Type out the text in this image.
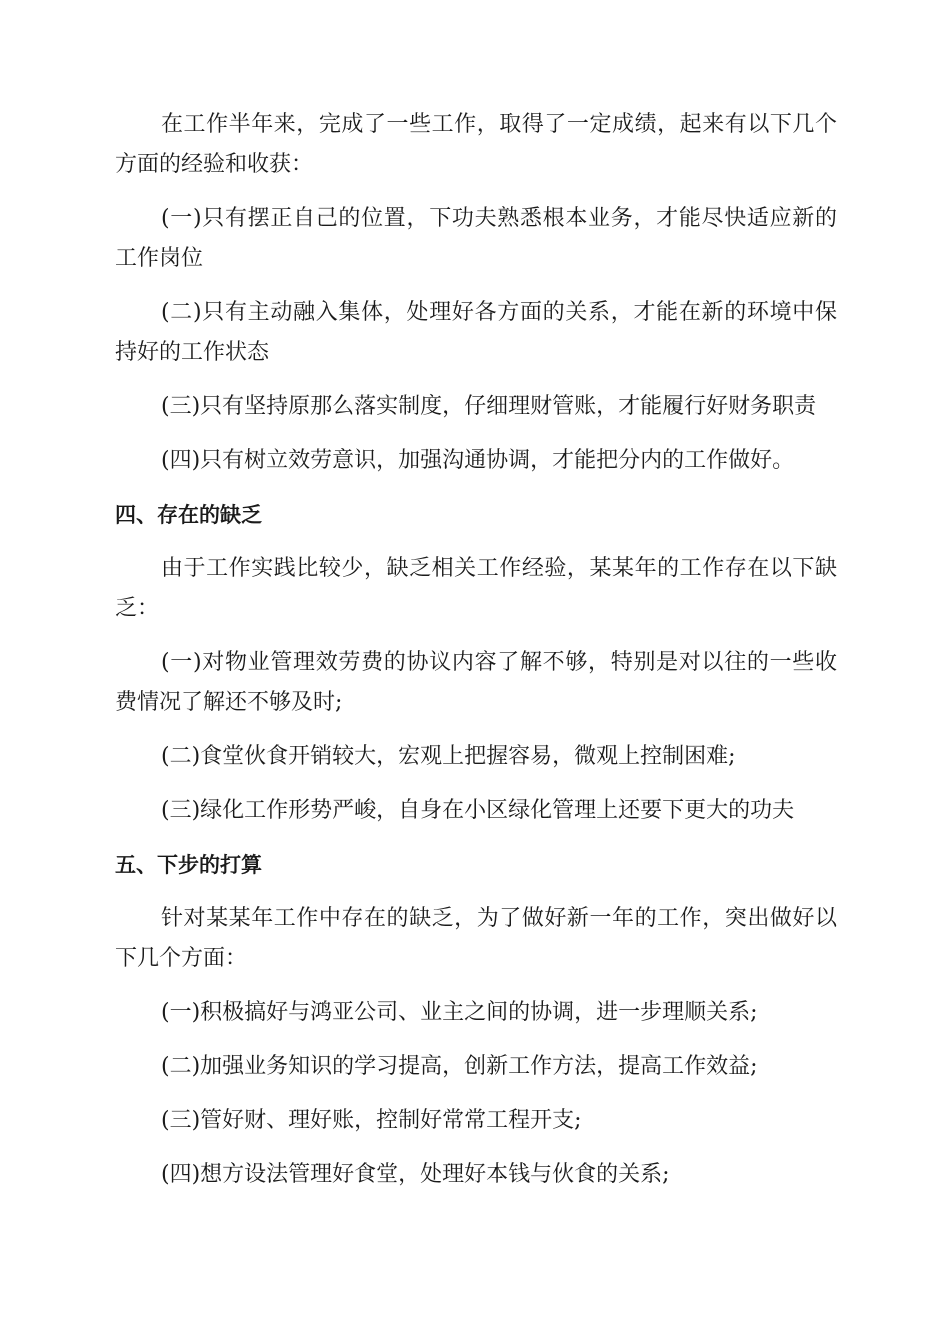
在工作半年来，完成了一些工作，取得了一定成绩，起来有以下几个方面的经验和收获：

(一)只有摆正自己的位置，下功夫熟悉根本业务，才能尽快适应新的工作岗位

(二)只有主动融入集体，处理好各方面的关系，才能在新的环境中保持好的工作状态

(三)只有坚持原那么落实制度，仔细理财管账，才能履行好财务职责

(四)只有树立效劳意识，加强沟通协调，才能把分内的工作做好。

四、存在的缺乏

由于工作实践比较少，缺乏相关工作经验，某某年的工作存在以下缺乏：

(一)对物业管理效劳费的协议内容了解不够，特别是对以往的一些收费情况了解还不够及时;

(二)食堂伙食开销较大，宏观上把握容易，微观上控制困难;

(三)绿化工作形势严峻，自身在小区绿化管理上还要下更大的功夫

五、下步的打算

针对某某年工作中存在的缺乏，为了做好新一年的工作，突出做好以下几个方面：

(一)积极搞好与鸿亚公司、业主之间的协调，进一步理顺关系;

(二)加强业务知识的学习提高，创新工作方法，提高工作效益;

(三)管好财、理好账，控制好常常工程开支;

(四)想方设法管理好食堂，处理好本钱与伙食的关系;
